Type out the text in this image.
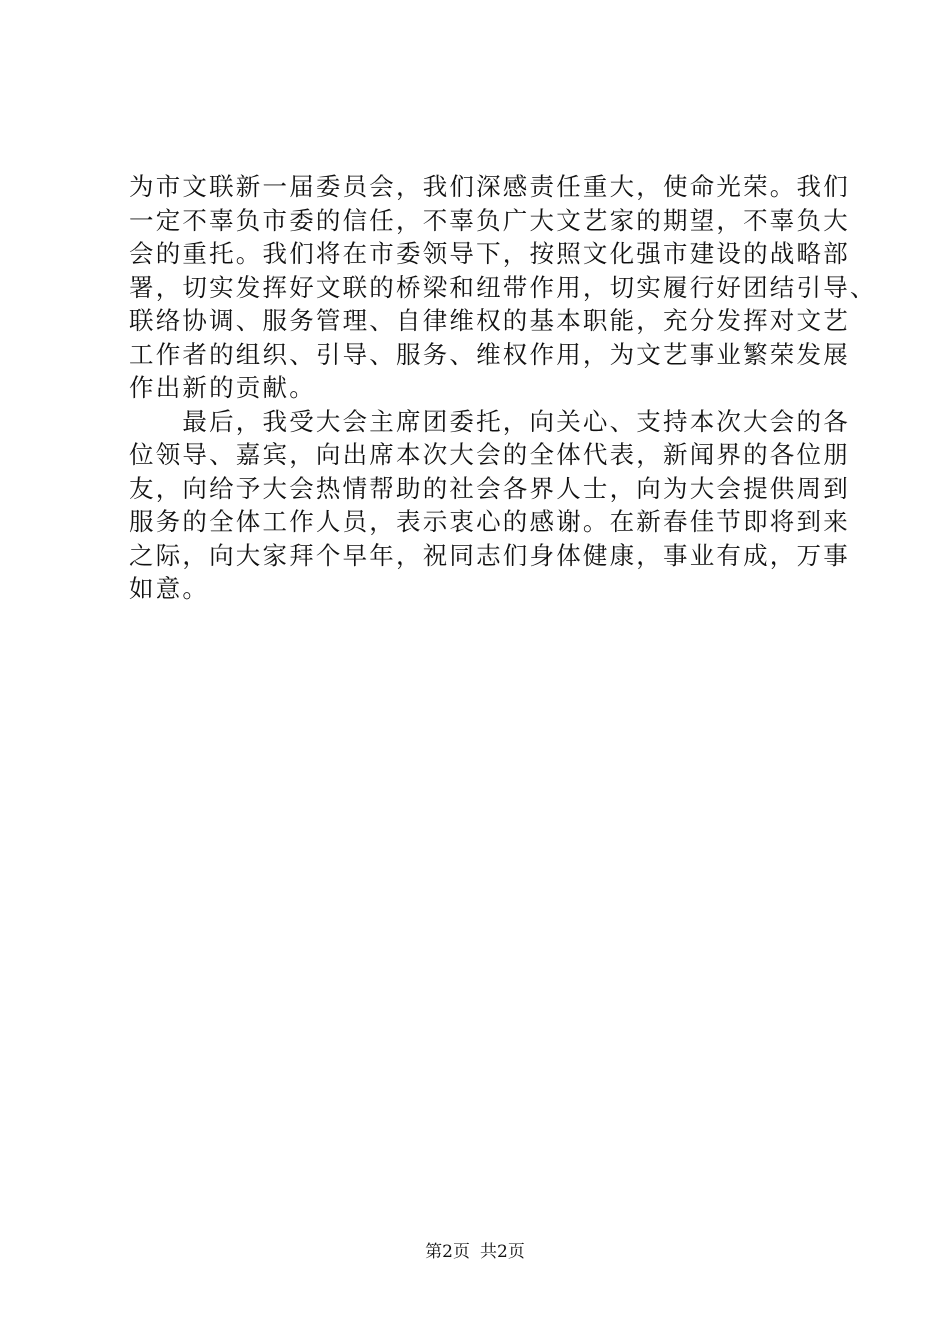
为市文联新一届委员会，我们深感责任重大，使命光荣。我们
一定不辜负市委的信任，不辜负广大文艺家的期望，不辜负大
会的重托。我们将在市委领导下，按照文化强市建设的战略部
署，切实发挥好文联的桥梁和纽带作用，切实履行好团结引导、
联络协调、服务管理、自律维权的基本职能，充分发挥对文艺
工作者的组织、引导、服务、维权作用，为文艺事业繁荣发展
作出新的贡献。
　　最后，我受大会主席团委托，向关心、支持本次大会的各
位领导、嘉宾，向出席本次大会的全体代表，新闻界的各位朋
友，向给予大会热情帮助的社会各界人士，向为大会提供周到
服务的全体工作人员，表示衷心的感谢。在新春佳节即将到来
之际，向大家拜个早年，祝同志们身体健康，事业有成，万事
如意。
第2页 共2页
